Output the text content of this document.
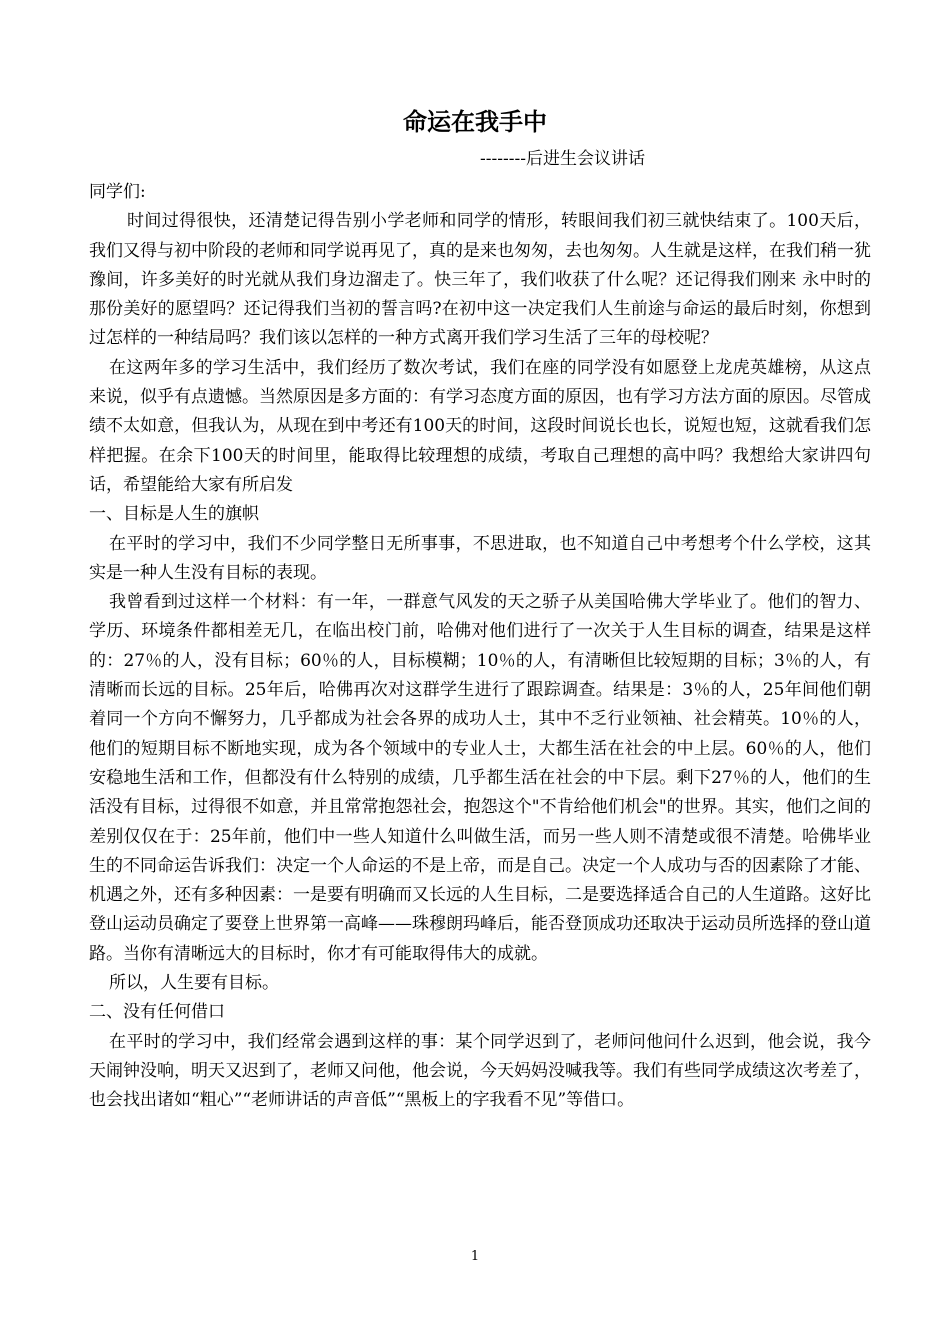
命运在我手中

--------后进生会议讲话

同学们:

时间过得很快，还清楚记得告别小学老师和同学的情形，转眼间我们初三就快结束了。100天后，我们又得与初中阶段的老师和同学说再见了，真的是来也匆匆，去也匆匆。人生就是这样，在我们稍一犹豫间，许多美好的时光就从我们身边溜走了。快三年了，我们收获了什么呢？还记得我们刚来 永中时的那份美好的愿望吗？还记得我们当初的誓言吗?在初中这一决定我们人生前途与命运的最后时刻，你想到过怎样的一种结局吗？我们该以怎样的一种方式离开我们学习生活了三年的母校呢？

在这两年多的学习生活中，我们经历了数次考试，我们在座的同学没有如愿登上龙虎英雄榜，从这点来说，似乎有点遗憾。当然原因是多方面的：有学习态度方面的原因，也有学习方法方面的原因。尽管成绩不太如意，但我认为，从现在到中考还有100天的时间，这段时间说长也长，说短也短，这就看我们怎样把握。在余下100天的时间里，能取得比较理想的成绩，考取自己理想的高中吗？我想给大家讲四句话，希望能给大家有所启发

一、目标是人生的旗帜

在平时的学习中，我们不少同学整日无所事事，不思进取，也不知道自己中考想考个什么学校，这其实是一种人生没有目标的表现。

我曾看到过这样一个材料：有一年，一群意气风发的天之骄子从美国哈佛大学毕业了。他们的智力、学历、环境条件都相差无几，在临出校门前，哈佛对他们进行了一次关于人生目标的调查，结果是这样的：27％的人，没有目标；60％的人，目标模糊；10％的人，有清晰但比较短期的目标；3％的人，有清晰而长远的目标。25年后，哈佛再次对这群学生进行了跟踪调查。结果是：3％的人，25年间他们朝着同一个方向不懈努力，几乎都成为社会各界的成功人士，其中不乏行业领袖、社会精英。10％的人，他们的短期目标不断地实现，成为各个领域中的专业人士，大都生活在社会的中上层。60％的人，他们安稳地生活和工作，但都没有什么特别的成绩，几乎都生活在社会的中下层。剩下27％的人，他们的生活没有目标，过得很不如意，并且常常抱怨社会，抱怨这个"不肯给他们机会"的世界。其实，他们之间的差别仅仅在于：25年前，他们中一些人知道什么叫做生活，而另一些人则不清楚或很不清楚。哈佛毕业生的不同命运告诉我们：决定一个人命运的不是上帝，而是自己。决定一个人成功与否的因素除了才能、机遇之外，还有多种因素：一是要有明确而又长远的人生目标，二是要选择适合自己的人生道路。这好比登山运动员确定了要登上世界第一高峰——珠穆朗玛峰后，能否登顶成功还取决于运动员所选择的登山道路。当你有清晰远大的目标时，你才有可能取得伟大的成就。

所以，人生要有目标。

二、没有任何借口

在平时的学习中，我们经常会遇到这样的事：某个同学迟到了，老师问他问什么迟到，他会说，我今天闹钟没响，明天又迟到了，老师又问他，他会说，今天妈妈没喊我等。我们有些同学成绩这次考差了，也会找出诸如“粗心”“老师讲话的声音低”“黑板上的字我看不见”等借口。

1
